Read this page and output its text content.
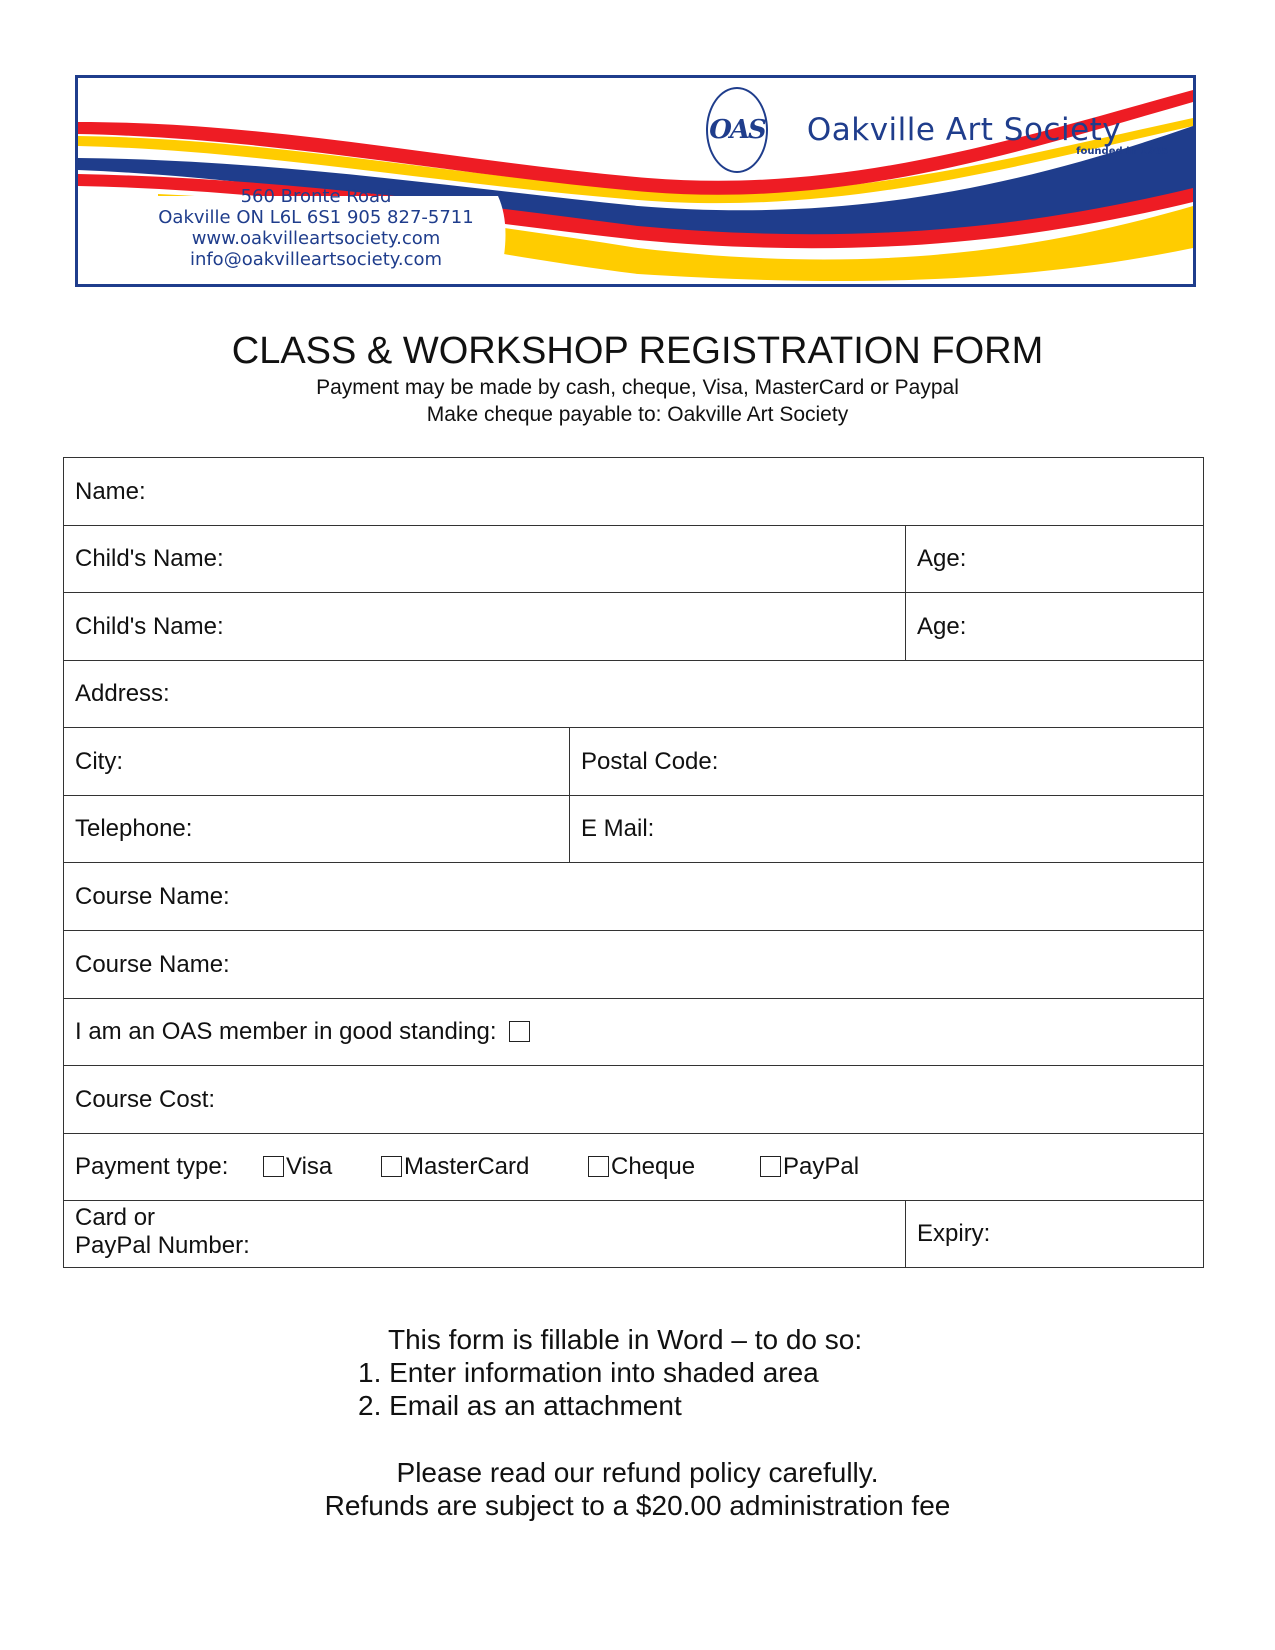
OAS	Oakville Art Society
founded in 1965
560 Bronte Road
Oakville ON L6L 6S1 905 827-5711
www.oakvilleartsociety.com
info@oakvilleartsociety.com
CLASS & WORKSHOP REGISTRATION FORM
Payment may be made by cash, cheque, Visa, MasterCard or Paypal
Make cheque payable to: Oakville Art Society
Name:
Child's Name:	Age:
Child's Name:	Age:
Address:
City:	Postal Code:
Telephone:	E Mail:
Course Name:
Course Name:
I am an OAS member in good standing:
Course Cost:
Payment type:	Visa	MasterCard	Cheque	PayPal
Card or
PayPal Number:	Expiry:
This form is fillable in Word – to do so:
1. Enter information into shaded area
2. Email as an attachment
Please read our refund policy carefully.
Refunds are subject to a $20.00 administration fee
